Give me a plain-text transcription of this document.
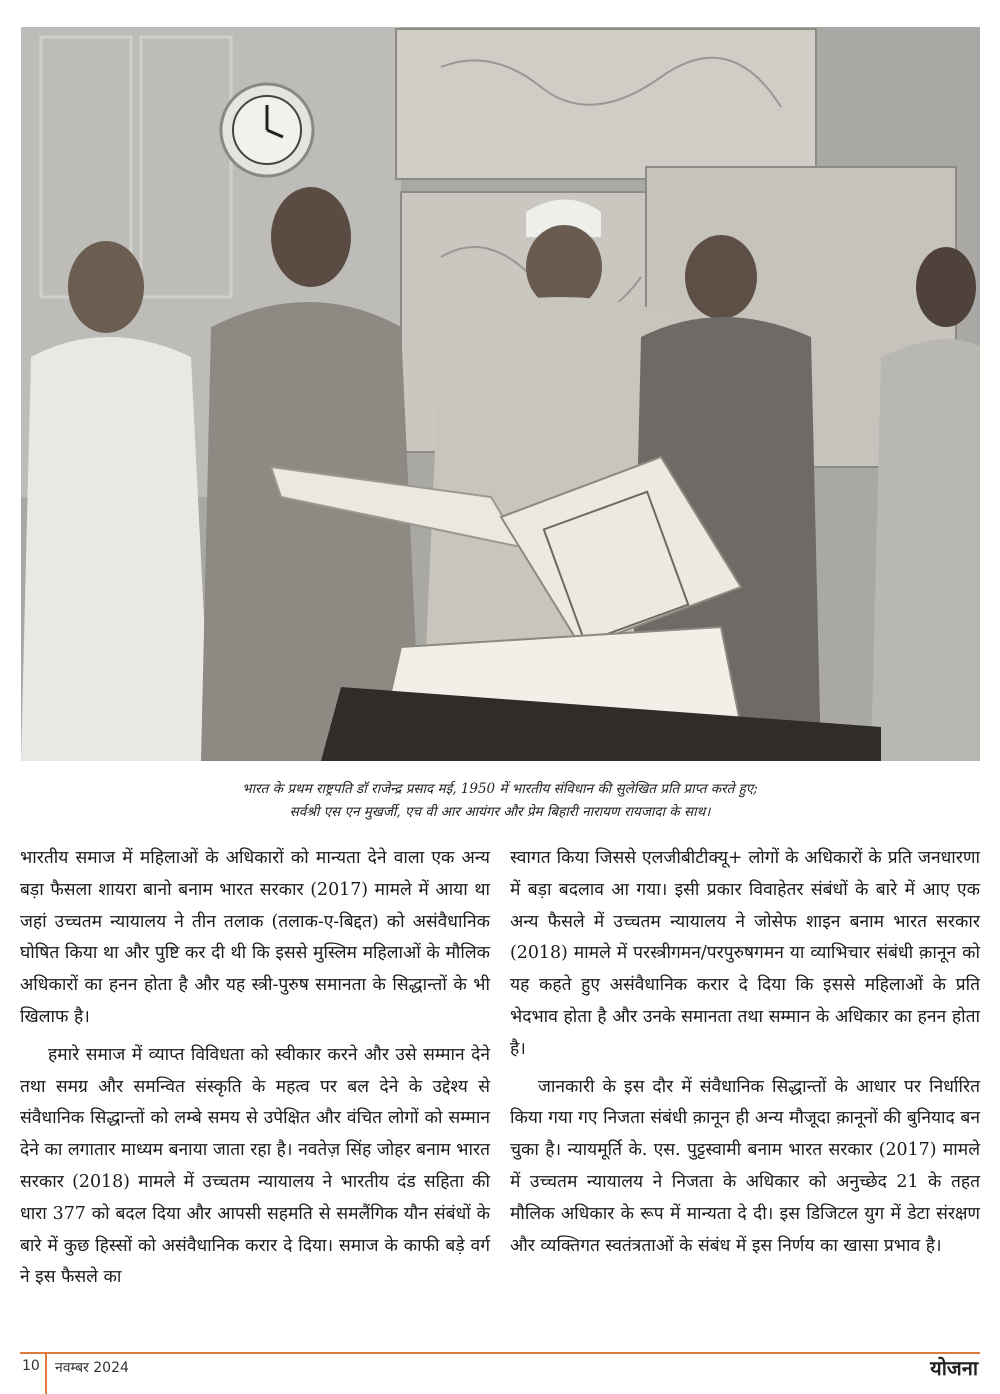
भारत के प्रथम राष्ट्रपति डॉ राजेन्द्र प्रसाद मई, 1950 में भारतीय संविधान की सुलेखित प्रति प्राप्त करते हुए;

सर्वश्री एस एन मुखर्जी, एच वी आर आयंगर और प्रेम बिहारी नारायण रायजादा के साथ।

भारतीय समाज में महिलाओं के अधिकारों को मान्यता देने वाला एक अन्य बड़ा फैसला शायरा बानो बनाम भारत सरकार (2017) मामले में आया था जहां उच्चतम न्यायालय ने तीन तलाक (तलाक-ए-बिद्दत) को असंवैधानिक घोषित किया था और पुष्टि कर दी थी कि इससे मुस्लिम महिलाओं के मौलिक अधिकारों का हनन होता है और यह स्त्री-पुरुष समानता के सिद्धान्तों के भी खिलाफ है।

हमारे समाज में व्याप्त विविधता को स्वीकार करने और उसे सम्मान देने तथा समग्र और समन्वित संस्कृति के महत्व पर बल देने के उद्देश्य से संवैधानिक सिद्धान्तों को लम्बे समय से उपेक्षित और वंचित लोगों को सम्मान देने का लगातार माध्यम बनाया जाता रहा है। नवतेज़ सिंह जोहर बनाम भारत सरकार (2018) मामले में उच्चतम न्यायालय ने भारतीय दंड सहिता की धारा 377 को बदल दिया और आपसी सहमति से समलैंगिक यौन संबंधों के बारे में कुछ हिस्सों को असंवैधानिक करार दे दिया। समाज के काफी बड़े वर्ग ने इस फैसले का

स्वागत किया जिससे एलजीबीटीक्यू+ लोगों के अधिकारों के प्रति जनधारणा में बड़ा बदलाव आ गया। इसी प्रकार विवाहेतर संबंधों के बारे में आए एक अन्य फैसले में उच्चतम न्यायालय ने जोसेफ शाइन बनाम भारत सरकार (2018) मामले में परस्त्रीगमन/परपुरुषगमन या व्याभिचार संबंधी क़ानून को यह कहते हुए असंवैधानिक करार दे दिया कि इससे महिलाओं के प्रति भेदभाव होता है और उनके समानता तथा सम्मान के अधिकार का हनन होता है।

जानकारी के इस दौर में संवैधानिक सिद्धान्तों के आधार पर निर्धारित किया गया गए निजता संबंधी क़ानून ही अन्य मौजूदा क़ानूनों की बुनियाद बन चुका है। न्यायमूर्ति के. एस. पुट्टस्वामी बनाम भारत सरकार (2017) मामले में उच्चतम न्यायालय ने निजता के अधिकार को अनुच्छेद 21 के तहत मौलिक अधिकार के रूप में मान्यता दे दी। इस डिजिटल युग में डेटा संरक्षण और व्यक्तिगत स्वतंत्रताओं के संबंध में इस निर्णय का खासा प्रभाव है।

10 नवम्बर 2024	योजना
